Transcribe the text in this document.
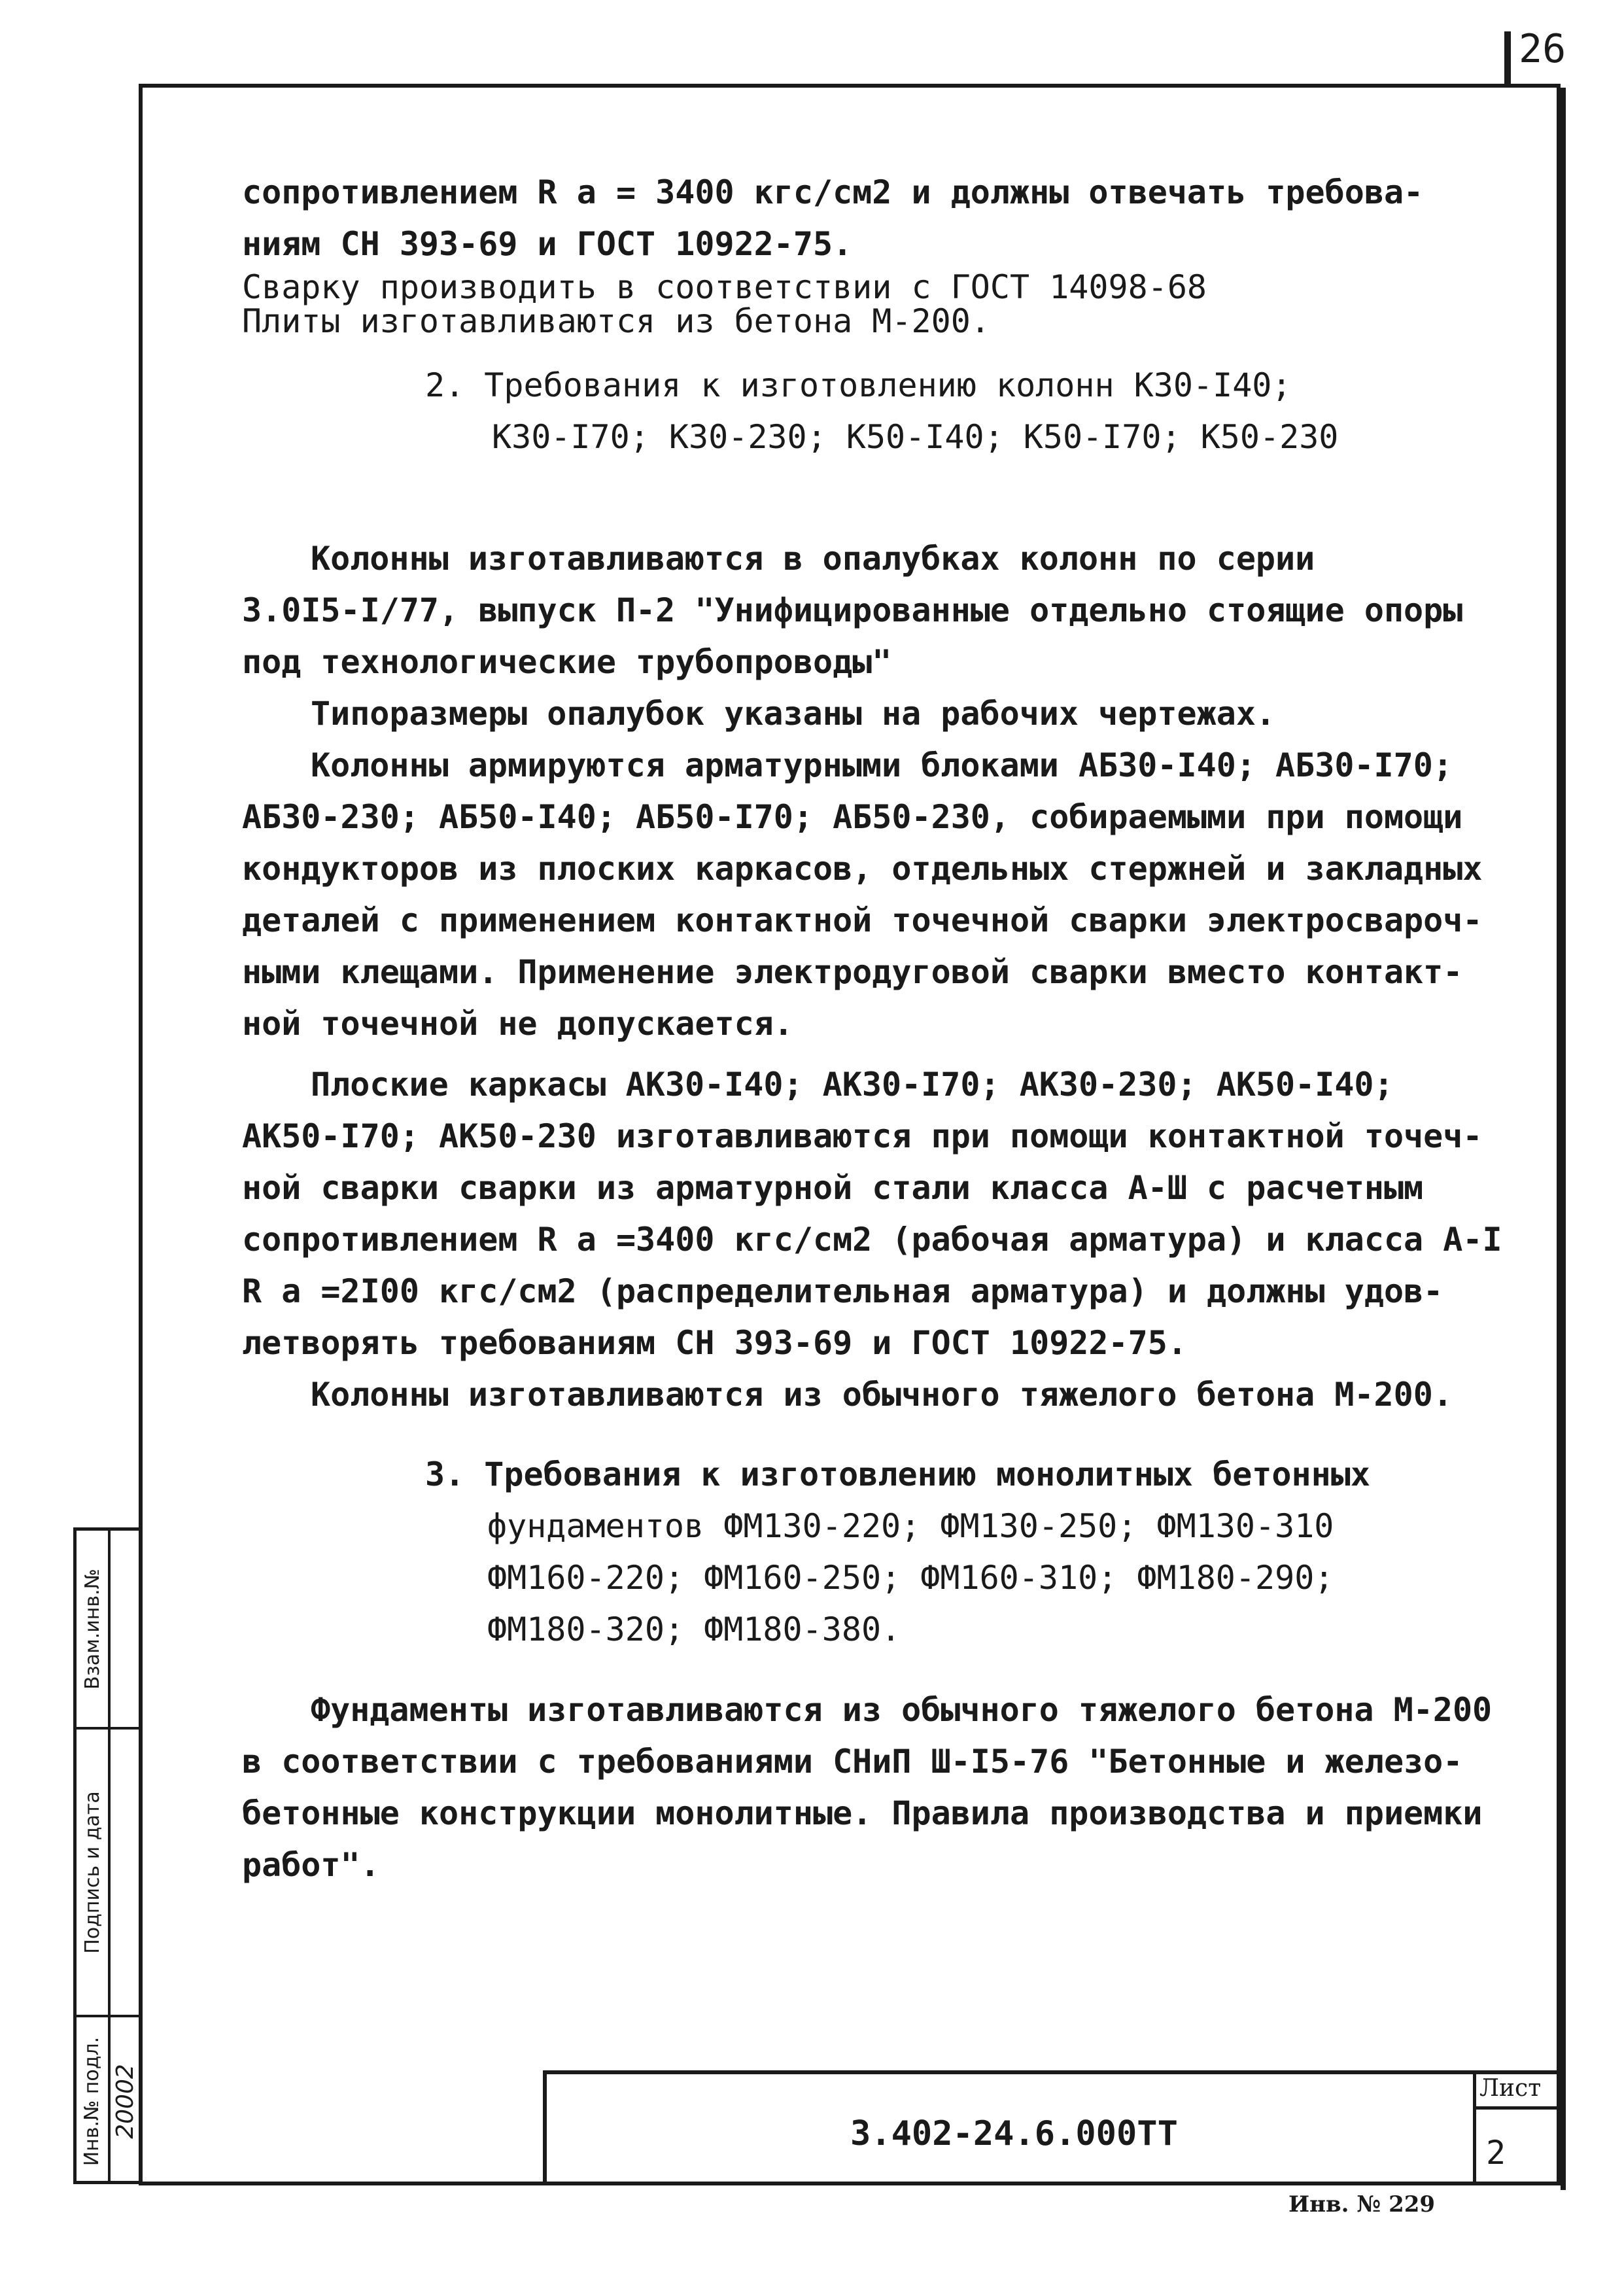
26

сопротивлением R а = 3400 кгс/см2 и должны отвечать требова-

ниям СН 393-69 и ГОСТ 10922-75.

Сварку производить в соответствии с ГОСТ 14098-68

Плиты изготавливаются из бетона М-200.

2. Требования к изготовлению колонн К30-I40;

К30-I70; К30-230; К50-I40; К50-I70; К50-230

Колонны изготавливаются в опалубках колонн по серии

3.0I5-I/77, выпуск П-2 "Унифицированные отдельно стоящие опоры

под технологические трубопроводы"

Типоразмеры опалубок указаны на рабочих чертежах.

Колонны армируются арматурными блоками АБ30-I40; АБ30-I70;

АБ30-230; АБ50-I40; АБ50-I70; АБ50-230, собираемыми при помощи

кондукторов из плоских каркасов, отдельных стержней и закладных

деталей с применением контактной точечной сварки электросвароч-

ными клещами. Применение электродуговой сварки вместо контакт-

ной точечной не допускается.

Плоские каркасы АК30-I40; АК30-I70; АК30-230; АК50-I40;

АК50-I70; АК50-230 изготавливаются при помощи контактной точеч-

ной сварки сварки из арматурной стали класса А-Ш с расчетным

сопротивлением R а =3400 кгс/см2 (рабочая арматура) и класса А-I

R а =2I00 кгс/см2 (распределительная арматура) и должны удов-

летворять требованиям СН 393-69 и ГОСТ 10922-75.

Колонны изготавливаются из обычного тяжелого бетона М-200.

3. Требования к изготовлению монолитных бетонных

фундаментов ФМ130-220; ФМ130-250; ФМ130-310

ФМ160-220; ФМ160-250; ФМ160-310; ФМ180-290;

ФМ180-320; ФМ180-380.

Фундаменты изготавливаются из обычного тяжелого бетона М-200

в соответствии с требованиями СНиП Ш-I5-76 "Бетонные и железо-

бетонные конструкции монолитные. Правила производства и приемки

работ".

Взам.инв.№
Подпись и дата
Инв.№ подл. 20002	3.402-24.6.000ТТ
Лист
2
Инв. № 229
